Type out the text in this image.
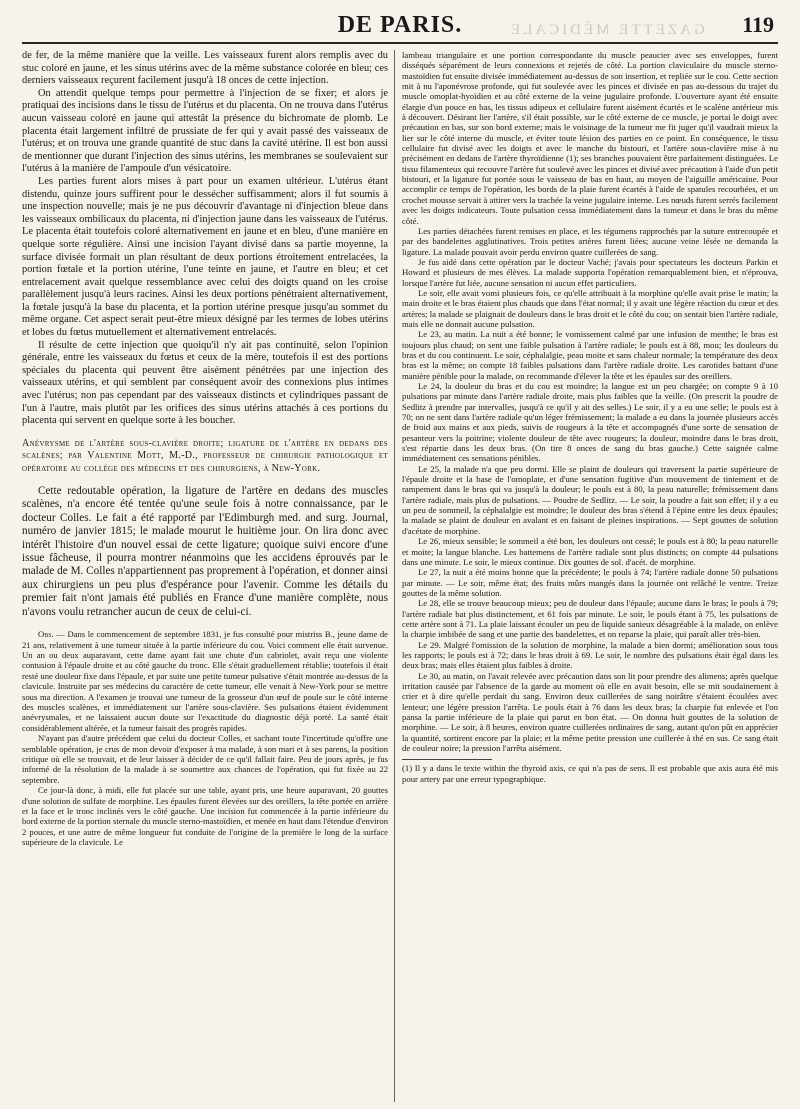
GAZETTE MÉDICALE
DE PARIS.	119

de fer, de la même manière que la veille. Les vaisseaux furent alors remplis avec du stuc coloré en jaune, et les sinus utérins avec de la même substance colorée en bleu; ces derniers vaisseaux reçurent facilement jusqu'à 18 onces de cette injection.

On attendit quelque temps pour permettre à l'injection de se fixer; et alors je pratiquai des incisions dans le tissu de l'utérus et du placenta. On ne trouva dans l'utérus aucun vaisseau coloré en jaune qui attestât la présence du bichromate de plomb. Le placenta était largement infiltré de prussiate de fer qui y avait passé des vaisseaux de l'utérus; et on trouva une grande quantité de stuc dans la cavité utérine. Il est bon aussi de mentionner que durant l'injection des sinus utérins, les membranes se soulevaient sur l'utérus à la manière de l'ampoule d'un vésicatoire.

Les parties furent alors mises à part pour un examen ultérieur. L'utérus étant distendu, quinze jours suffirent pour le dessécher suffisamment; alors il fut soumis à une inspection nouvelle; mais je ne pus découvrir d'avantage ni d'injection bleue dans les vaisseaux ombilicaux du placenta, ni d'injection jaune dans les vaisseaux de l'utérus. Le placenta était toutefois coloré alternativement en jaune et en bleu, d'une manière en quelque sorte régulière. Ainsi une incision l'ayant divisé dans sa partie moyenne, la surface divisée formait un plan résultant de deux portions étroitement entrelacées, la portion fœtale et la portion utérine, l'une teinte en jaune, et l'autre en bleu; et cet entrelacement avait quelque ressemblance avec celui des doigts quand on les croise parallèlement jusqu'à leurs racines. Ainsi les deux portions pénétraient alternativement, la fœtale jusqu'à la base du placenta, et la portion utérine presque jusqu'au sommet du même organe. Cet aspect serait peut-être mieux désigné par les termes de lobes utérins et lobes du fœtus mutuellement et alternativement entrelacés.

Il résulte de cette injection que quoiqu'il n'y ait pas continuité, selon l'opinion générale, entre les vaisseaux du fœtus et ceux de la mère, toutefois il est des portions spéciales du placenta qui peuvent être aisément pénétrées par une injection des vaisseaux utérins, et qui semblent par conséquent avoir des connexions plus intimes avec l'utérus; non pas cependant par des vaisseaux distincts et cylindriques passant de l'un à l'autre, mais plutôt par les orifices des sinus utérins attachés à ces portions du placenta qui servent en quelque sorte à les boucher.

Anévrysme de l'artère sous-clavière droite; ligature de l'artère en dedans des scalènes; par Valentine Mott, M.-D., professeur de chirurgie pathologique et opératoire au collége des médecins et des chirurgiens, à New-York.

Cette redoutable opération, la ligature de l'artère en dedans des muscles scalènes, n'a encore été tentée qu'une seule fois à notre connaissance, par le docteur Colles. Le fait a été rapporté par l'Edimburgh med. and surg. Journal, numéro de janvier 1815; le malade mourut le huitième jour. On lira donc avec intérêt l'histoire d'un nouvel essai de cette ligature; quoique suivi encore d'une issue fâcheuse, il pourra montrer néanmoins que les accidens éprouvés par le malade de M. Colles n'appartiennent pas proprement à l'opération, et donner ainsi aux chirurgiens un peu plus d'espérance pour l'avenir. Comme les détails du premier fait n'ont jamais été publiés en France d'une manière complète, nous n'avons voulu retrancher aucun de ceux de celui-ci.

Obs. — Dans le commencement de septembre 1831, je fus consulté pour mistriss B., jeune dame de 21 ans, relativement à une tumeur située à la partie inférieure du cou. Voici comment elle était survenue. Un an ou deux auparavant, cette dame ayant fait une chute d'un cabriolet, avait reçu une violente contusion à l'épaule droite et au côté gauche du tronc. Elle s'était graduellement rétablie; toutefois il était resté une douleur fixe dans l'épaule, et par suite une petite tumeur pulsative s'était montrée au-dessus de la clavicule. Instruite par ses médecins du caractère de cette tumeur, elle venait à New-York pour se mettre sous ma direction. A l'examen je trouvai une tumeur de la grosseur d'un œuf de poule sur le côté interne des muscles scalènes, et immédiatement sur l'artère sous-clavière. Ses pulsations étaient évidemment anévrysmales, et ne laissaient aucun doute sur l'exactitude du diagnostic déjà porté. La santé était considérablement altérée, et la tumeur faisait des progrès rapides.

N'ayant pas d'autre précédent que celui du docteur Colles, et sachant toute l'incertitude qu'offre une semblable opération, je crus de mon devoir d'exposer à ma malade, à son mari et à ses parens, la position critique où elle se trouvait, et de leur laisser à décider de ce qu'il fallait faire. Peu de jours après, je fus informé de la résolution de la malade à se soumettre aux chances de l'opération, qui fut fixée au 22 septembre.

Ce jour-là donc, à midi, elle fut placée sur une table, ayant pris, une heure auparavant, 20 gouttes d'une solution de sulfate de morphine. Les épaules furent élevées sur des oreillers, la tête portée en arrière et la face et le tronc inclinés vers le côté gauche. Une incision fut commencée à la partie inférieure du bord externe de la portion sternale du muscle sterno-mastoïdien, et menée en haut dans l'étendue d'environ 2 pouces, et une autre de même longueur fut conduite de l'origine de la première le long de la surface supérieure de la clavicule. Le

lambeau triangulaire et une portion correspondante du muscle peaucier avec ses enveloppes, furent disséqués séparément de leurs connexions et rejetés de côté. La portion claviculaire du muscle sterno-mastoïdien fut ensuite divisée immédiatement au-dessus de son insertion, et repliée sur le cou. Cette section mit à nu l'aponévrose profonde, qui fut soulevée avec les pinces et divisée en pas au-dessous du trajet du muscle omoplat-hyoïdien et au côté externe de la veine jugulaire profonde. L'ouverture ayant été ensuite élargie d'un pouce en bas, les tissus adipeux et cellulaire furent aisément écartés et le scalène antérieur mis à découvert. Désirant lier l'artère, s'il était possible, sur le côté externe de ce muscle, je portai le doigt avec précaution en bas, sur son bord externe; mais le voisinage de la tumeur me fit juger qu'il vaudrait mieux la lier sur le côté interne du muscle, et éviter toute lésion des parties en ce point. En conséquence, le tissu cellulaire fut divisé avec les doigts et avec le manche du bistouri, et l'artère sous-clavière mise à nu précisément en dedans de l'artère thyroïdienne (1); ses branches pouvaient être parfaitement distinguées. Le tissu filamenteux qui recouvre l'artère fut soulevé avec les pinces et divisé avec précaution à l'aide d'un petit bistouri, et la ligature fut portée sous le vaisseau de bas en haut, au moyen de l'aiguille américaine. Pour accomplir ce temps de l'opération, les bords de la plaie furent écartés à l'aide de spatules recourbées, et un crochet mousse servait à attirer vers la trachée la veine jugulaire interne. Les nœuds furent serrés facilement avec les doigts indicateurs. Toute pulsation cessa immédiatement dans la tumeur et dans le bras du même côté.

Les parties détachées furent remises en place, et les tégumens rapprochés par la suture entrecoupée et par des bandelettes agglutinatives. Trois petites artères furent liées; aucune veine lésée ne demanda la ligature. La malade pouvait avoir perdu environ quatre cuillerées de sang.

Je fus aidé dans cette opération par le docteur Vaché; j'avais pour spectateurs les docteurs Parkin et Howard et plusieurs de mes élèves. La malade supporta l'opération remarquablement bien, et n'éprouva, lorsque l'artère fut liée, aucune sensation ni aucun effet particuliers.

Le soir, elle avait vomi plusieurs fois, ce qu'elle attribuait à la morphine qu'elle avait prise le matin; la main droite et le bras étaient plus chauds que dans l'état normal; il y avait une légère réaction du cœur et des artères; la malade se plaignait de douleurs dans le bras droit et le côté du cou; on sentait bien l'artère radiale, mais elle ne donnait aucune pulsation.

Le 23, au matin. La nuit a été bonne; le vomissement calmé par une infusion de menthe; le bras est toujours plus chaud; on sent une faible pulsation à l'artère radiale; le pouls est à 88, mou; les douleurs du bras et du cou continuent. Le soir, céphalalgie, peau moite et sans chaleur normale; la température des deux bras est la même; on compte 18 faibles pulsations dans l'artère radiale droite. Les carotides battant d'une manière pénible pour la malade, on recommande d'élever la tête et les épaules sur des oreillers.

Le 24, la douleur du bras et du cou est moindre; la langue est un peu chargée; on compte 9 à 10 pulsations par minute dans l'artère radiale droite, mais plus faibles que la veille. (On prescrit la poudre de Sedlitz à prendre par intervalles, jusqu'à ce qu'il y ait des selles.) Le soir, il y a eu une selle; le pouls est à 70; on ne sent dans l'artère radiale qu'un léger frémissement; la malade a eu dans la journée plusieurs accès de froid aux mains et aux pieds, suivis de rougeurs à la tête et accompagnés d'une sorte de sensation de pesanteur vers la poitrine; violente douleur de tête avec rougeurs; la douleur, moindre dans le bras droit, s'est répartie dans les deux bras. (On tire 8 onces de sang du bras gauche.) Cette saignée calme immédiatement ces sensations pénibles.

Le 25, la malade n'a que peu dormi. Elle se plaint de douleurs qui traversent la partie supérieure de l'épaule droite et la base de l'omoplate, et d'une sensation fugitive d'un mouvement de tintement et de rampement dans le bras qui va jusqu'à la douleur; le pouls est à 80, la peau naturelle; frémissement dans l'artère radiale, mais plus de pulsations. — Poudre de Sedlitz. — Le soir, la poudre a fait son effet; il y a eu un peu de sommeil, la céphalalgie est moindre; le douleur des bras s'étend à l'épine entre les deux épaules; la malade se plaint de douleur en avalant et en faisant de pleines inspirations. — Sept gouttes de solution d'acétate de morphine.

Le 26, mieux sensible; le sommeil a été bon, les douleurs ont cessé; le pouls est à 80; la peau naturelle et moite; la langue blanche. Les battemens de l'artère radiale sont plus distincts; on compte 44 pulsations dans une minute. Le soir, le mieux continue. Dix gouttes de sol. d'acét. de morphine.

Le 27, la nuit a été moins bonne que la précédente; le pouls à 74; l'artère radiale donne 50 pulsations par minute. — Le soir, même état; des fruits mûrs mangés dans la journée ont relâché le ventre. Treize gouttes de la même solution.

Le 28, elle se trouve beaucoup mieux; peu de douleur dans l'épaule; aucune dans le bras; le pouls à 79; l'artère radiale bat plus distinctement, et 61 fois par minute. Le soir, le pouls étant à 75, les pulsations de cette artère sont à 71. La plaie laissant écouler un peu de liquide sanieux désagréable à la malade, on enlève la charpie imbibée de sang et une partie des bandelettes, et on reparse la plaie, qui paraît aller très-bien.

Le 29. Malgré l'omission de la solution de morphine, la malade a bien dormi; amélioration sous tous les rapports; le pouls est à 72; dans le bras droit à 69. Le soir, le nombre des pulsations était égal dans les deux bras; mais elles étaient plus faibles à droite.

Le 30, au matin, on l'avait relevée avec précaution dans son lit pour prendre des alimens; après quelque irritation causée par l'absence de la garde au moment où elle en avait besoin, elle se mit soudainement à crier et à dire qu'elle perdait du sang. Environ deux cuillerées de sang noirâtre s'étaient écoulées avec lenteur; une légère pression l'arrêta. Le pouls était à 76 dans les deux bras; la charpie fut enlevée et l'on pansa la partie inférieure de la plaie qui parut en bon état. — On donna huit gouttes de la solution de morphine. — Le soir, à 8 heures, environ quatre cuillerées ordinaires de sang, autant qu'on pût en apprécier la quantité, sortirent encore par la plaie; et la même petite pression une cuillerée à thé en sus. Ce sang était de couleur noire; la pression l'arrêta aisément.

(1) Il y a dans le texte within the thyroid axis, ce qui n'a pas de sens. Il est probable que axis aura été mis pour artery par une erreur typographique.
